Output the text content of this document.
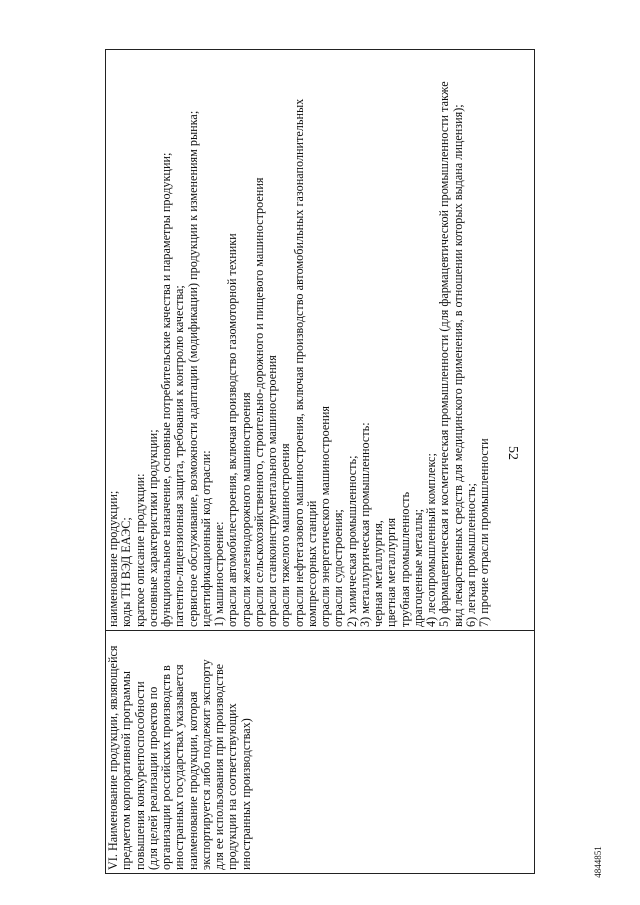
52
VI. Наименование продукции, являющейся
предметом корпоративной программы
повышения конкурентоспособности
(для целей реализации проектов по
организации российских производств в
иностранных государствах указывается
наименование продукции, которая
экспортируется либо подлежит экспорту
для ее использования при производстве
продукции на соответствующих
иностранных производствах)

наименование продукции; коды ТН ВЭД ЕАЭС; краткое описание продукции: основные характеристики продукции; функциональное назначение, основные потребительские качества и параметры продукции; патентно-лицензионная защита, требования к контролю качества; сервисное обслуживание, возможности адаптации (модификации) продукции к изменениям рынка; идентификационный код отрасли: 1) машиностроение: отрасли автомобилестроения, включая производство газомоторной техники отрасли железнодорожного машиностроения отрасли сельскохозяйственного, строительно-дорожного и пищевого машиностроения отрасли станкоинструментального машиностроения отрасли тяжелого машиностроения отрасли нефтегазового машиностроения, включая производство автомобильных газонаполнительных компрессорных станций отрасли энергетического машиностроения отрасли судостроения; 2) химическая промышленность; 3) металлургическая промышленность: черная металлургия, цветная металлургия трубная промышленность драгоценные металлы; 4) лесопромышленный комплекс; 5) фармацевтическая и косметическая промышленности (для фармацевтической промышленности также вид лекарственных средств для медицинского применения, в отношении которых выдана лицензия); 6) легкая промышленность; 7) прочие отрасли промышленности
4844851
